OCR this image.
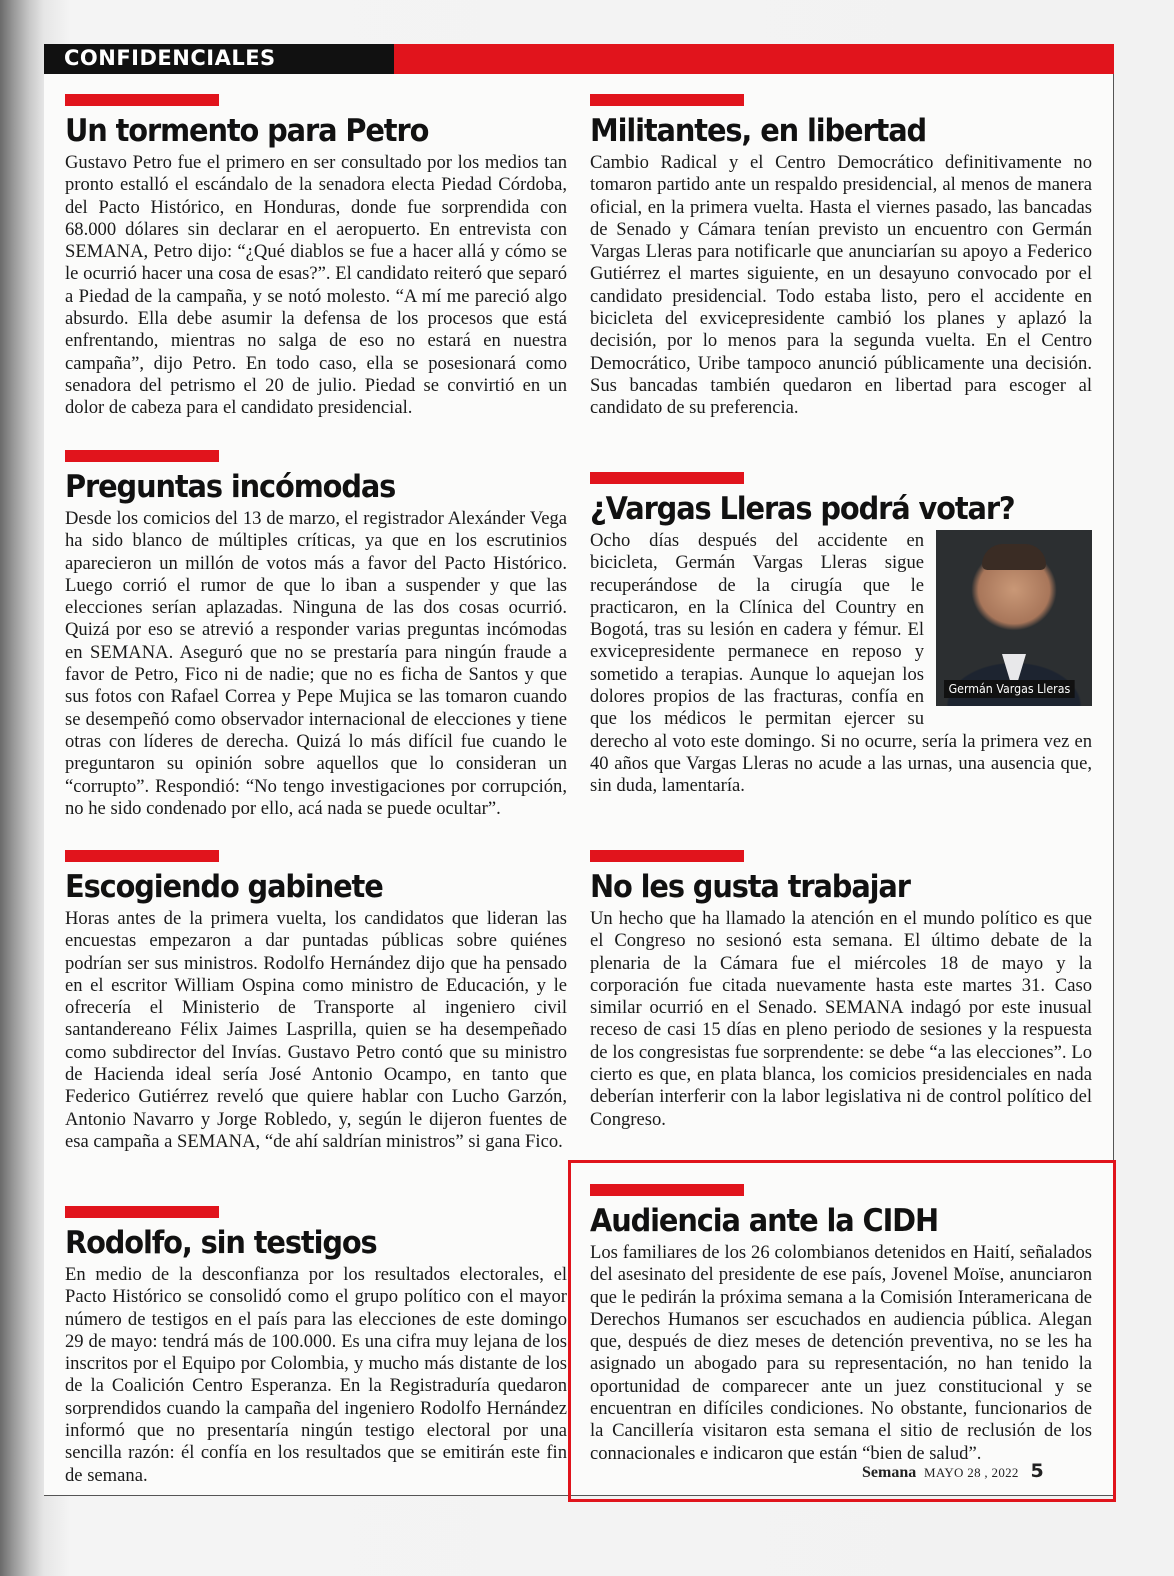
CONFIDENCIALES
Un tormento para Petro

Gustavo Petro fue el primero en ser consultado por los medios tan pronto estalló el escándalo de la senadora electa Piedad Córdoba, del Pacto Histórico, en Honduras, donde fue sorprendida con 68.000 dólares sin declarar en el aeropuerto. En entrevista con SEMANA, Petro dijo: “¿Qué diablos se fue a hacer allá y cómo se le ocurrió hacer una cosa de esas?”. El candidato reiteró que separó a Piedad de la campaña, y se notó molesto. “A mí me pareció algo absurdo. Ella debe asumir la defensa de los procesos que está enfrentando, mientras no salga de eso no estará en nuestra campaña”, dijo Petro. En todo caso, ella se posesionará como senadora del petrismo el 20 de julio. Piedad se convirtió en un dolor de cabeza para el candidato presidencial.

Militantes, en libertad

Cambio Radical y el Centro Democrático definitivamente no tomaron partido ante un respaldo presidencial, al menos de manera oficial, en la primera vuelta. Hasta el viernes pasado, las bancadas de Senado y Cámara tenían previsto un encuentro con Germán Vargas Lleras para notificarle que anunciarían su apoyo a Federico Gutiérrez el martes siguiente, en un desayuno convocado por el candidato presidencial. Todo estaba listo, pero el accidente en bicicleta del exvicepresidente cambió los planes y aplazó la decisión, por lo menos para la segunda vuelta. En el Centro Democrático, Uribe tampoco anunció públicamente una decisión. Sus bancadas también quedaron en libertad para escoger al candidato de su preferencia.

Preguntas incómodas

Desde los comicios del 13 de marzo, el registrador Alexánder Vega ha sido blanco de múltiples críticas, ya que en los escrutinios aparecieron un millón de votos más a favor del Pacto Histórico. Luego corrió el rumor de que lo iban a suspender y que las elecciones serían aplazadas. Ninguna de las dos cosas ocurrió. Quizá por eso se atrevió a responder varias preguntas incómodas en SEMANA. Aseguró que no se prestaría para ningún fraude a favor de Petro, Fico ni de nadie; que no es ficha de Santos y que sus fotos con Rafael Correa y Pepe Mujica se las tomaron cuando se desempeñó como observador internacional de elecciones y tiene otras con líderes de derecha. Quizá lo más difícil fue cuando le preguntaron su opinión sobre aquellos que lo consideran un “corrupto”. Respondió: “No tengo investigaciones por corrupción, no he sido condenado por ello, acá nada se puede ocultar”.

¿Vargas Lleras podrá votar?
Germán Vargas Lleras

Ocho días después del accidente en bicicleta, Germán Vargas Lleras sigue recuperándose de la cirugía que le practicaron, en la Clínica del Country en Bogotá, tras su lesión en cadera y fémur. El exvicepresidente permanece en reposo y sometido a terapias. Aunque lo aquejan los dolores propios de las fracturas, confía en que los médicos le permitan ejercer su derecho al voto este domingo. Si no ocurre, sería la primera vez en 40 años que Vargas Lleras no acude a las urnas, una ausencia que, sin duda, lamentaría.

Escogiendo gabinete

Horas antes de la primera vuelta, los candidatos que lideran las encuestas empezaron a dar puntadas públicas sobre quiénes podrían ser sus ministros. Rodolfo Hernández dijo que ha pensado en el escritor William Ospina como ministro de Educación, y le ofrecería el Ministerio de Transporte al ingeniero civil santandereano Félix Jaimes Lasprilla, quien se ha desempeñado como subdirector del Invías. Gustavo Petro contó que su ministro de Hacienda ideal sería José Antonio Ocampo, en tanto que Federico Gutiérrez reveló que quiere hablar con Lucho Garzón, Antonio Navarro y Jorge Robledo, y, según le dijeron fuentes de esa campaña a SEMANA, “de ahí saldrían ministros” si gana Fico.

No les gusta trabajar

Un hecho que ha llamado la atención en el mundo político es que el Congreso no sesionó esta semana. El último debate de la plenaria de la Cámara fue el miércoles 18 de mayo y la corporación fue citada nuevamente hasta este martes 31. Caso similar ocurrió en el Senado. SEMANA indagó por este inusual receso de casi 15 días en pleno periodo de sesiones y la respuesta de los congresistas fue sorprendente: se debe “a las elecciones”. Lo cierto es que, en plata blanca, los comicios presidenciales en nada deberían interferir con la labor legislativa ni de control político del Congreso.

Rodolfo, sin testigos

En medio de la desconfianza por los resultados electorales, el Pacto Histórico se consolidó como el grupo político con el mayor número de testigos en el país para las elecciones de este domingo 29 de mayo: tendrá más de 100.000. Es una cifra muy lejana de los inscritos por el Equipo por Colombia, y mucho más distante de los de la Coalición Centro Esperanza. En la Registraduría quedaron sorprendidos cuando la campaña del ingeniero Rodolfo Hernández informó que no presentaría ningún testigo electoral por una sencilla razón: él confía en los resultados que se emitirán este fin de semana.

Audiencia ante la CIDH

Los familiares de los 26 colombianos detenidos en Haití, señalados del asesinato del presidente de ese país, Jovenel Moïse, anunciaron que le pedirán la próxima semana a la Comisión Interamericana de Derechos Humanos ser escuchados en audiencia pública. Alegan que, después de diez meses de detención preventiva, no se les ha asignado un abogado para su representación, no han tenido la oportunidad de comparecer ante un juez constitucional y se encuentran en difíciles condiciones. No obstante, funcionarios de la Cancillería visitaron esta semana el sitio de reclusión de los connacionales e indicaron que están “bien de salud”.

Semana MAYO 28 , 2022 5
